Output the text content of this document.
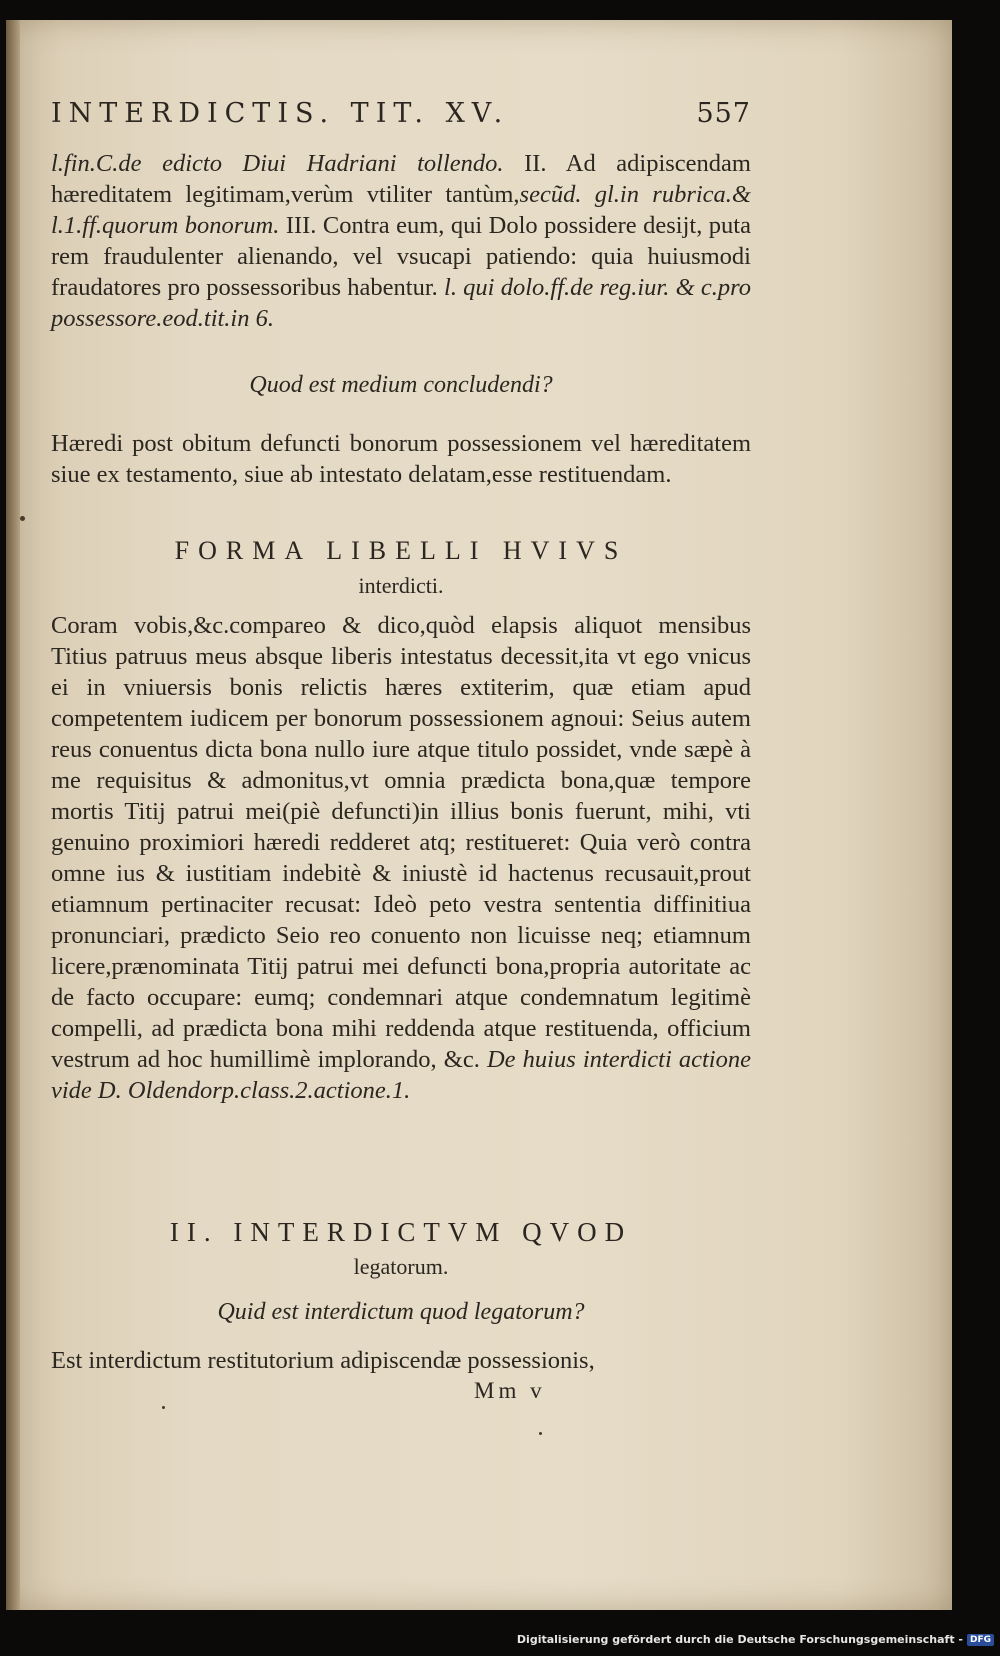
INTERDICTIS. TIT. XV.	557
l.fin.C.de edicto Diui Hadriani tollendo. II. Ad adipiscendam hæreditatem legitimam,verùm vtiliter tantùm,secũd. gl.in rubrica.& l.1.ff.quorum bonorum. III. Contra eum, qui Dolo possidere desijt, puta rem fraudulenter alienando, vel vsucapi patiendo: quia huiusmodi fraudatores pro possessoribus habentur. l. qui dolo.ff.de reg.iur. & c.pro possessore.eod.tit.in 6.
Quod est medium concludendi?
Hæredi post obitum defuncti bonorum possessionem vel hæreditatem siue ex testamento, siue ab intestato delatam,esse restituendam.
FORMA LIBELLI HVIVS
interdicti.
Coram vobis,&c.compareo & dico,quòd elapsis aliquot mensibus Titius patruus meus absque liberis intestatus decessit,ita vt ego vnicus ei in vniuersis bonis relictis hæres extiterim, quæ etiam apud competentem iudicem per bonorum possessionem agnoui: Seius autem reus conuentus dicta bona nullo iure atque titulo possidet, vnde sæpè à me requisitus & admonitus,vt omnia prædicta bona,quæ tempore mortis Titij patrui mei(piè defuncti)in illius bonis fuerunt, mihi, vti genuino proximiori hæredi redderet atq; restitueret: Quia verò contra omne ius & iustitiam indebitè & iniustè id hactenus recusauit,prout etiamnum pertinaciter recusat: Ideò peto vestra sententia diffinitiua pronunciari, prædicto Seio reo conuento non licuisse neq; etiamnum licere,prænominata Titij patrui mei defuncti bona,propria autoritate ac de facto occupare: eumq; condemnari atque condemnatum legitimè compelli, ad prædicta bona mihi reddenda atque restituenda, officium vestrum ad hoc humillimè implorando, &c. De huius interdicti actione vide D. Oldendorp.class.2.actione.1.
II. INTERDICTVM QVOD
legatorum.
Quid est interdictum quod legatorum?
Est interdictum restitutorium adipiscendæ possessionis,
Mm v
Digitalisierung gefördert durch die Deutsche Forschungsgemeinschaft - DFG
